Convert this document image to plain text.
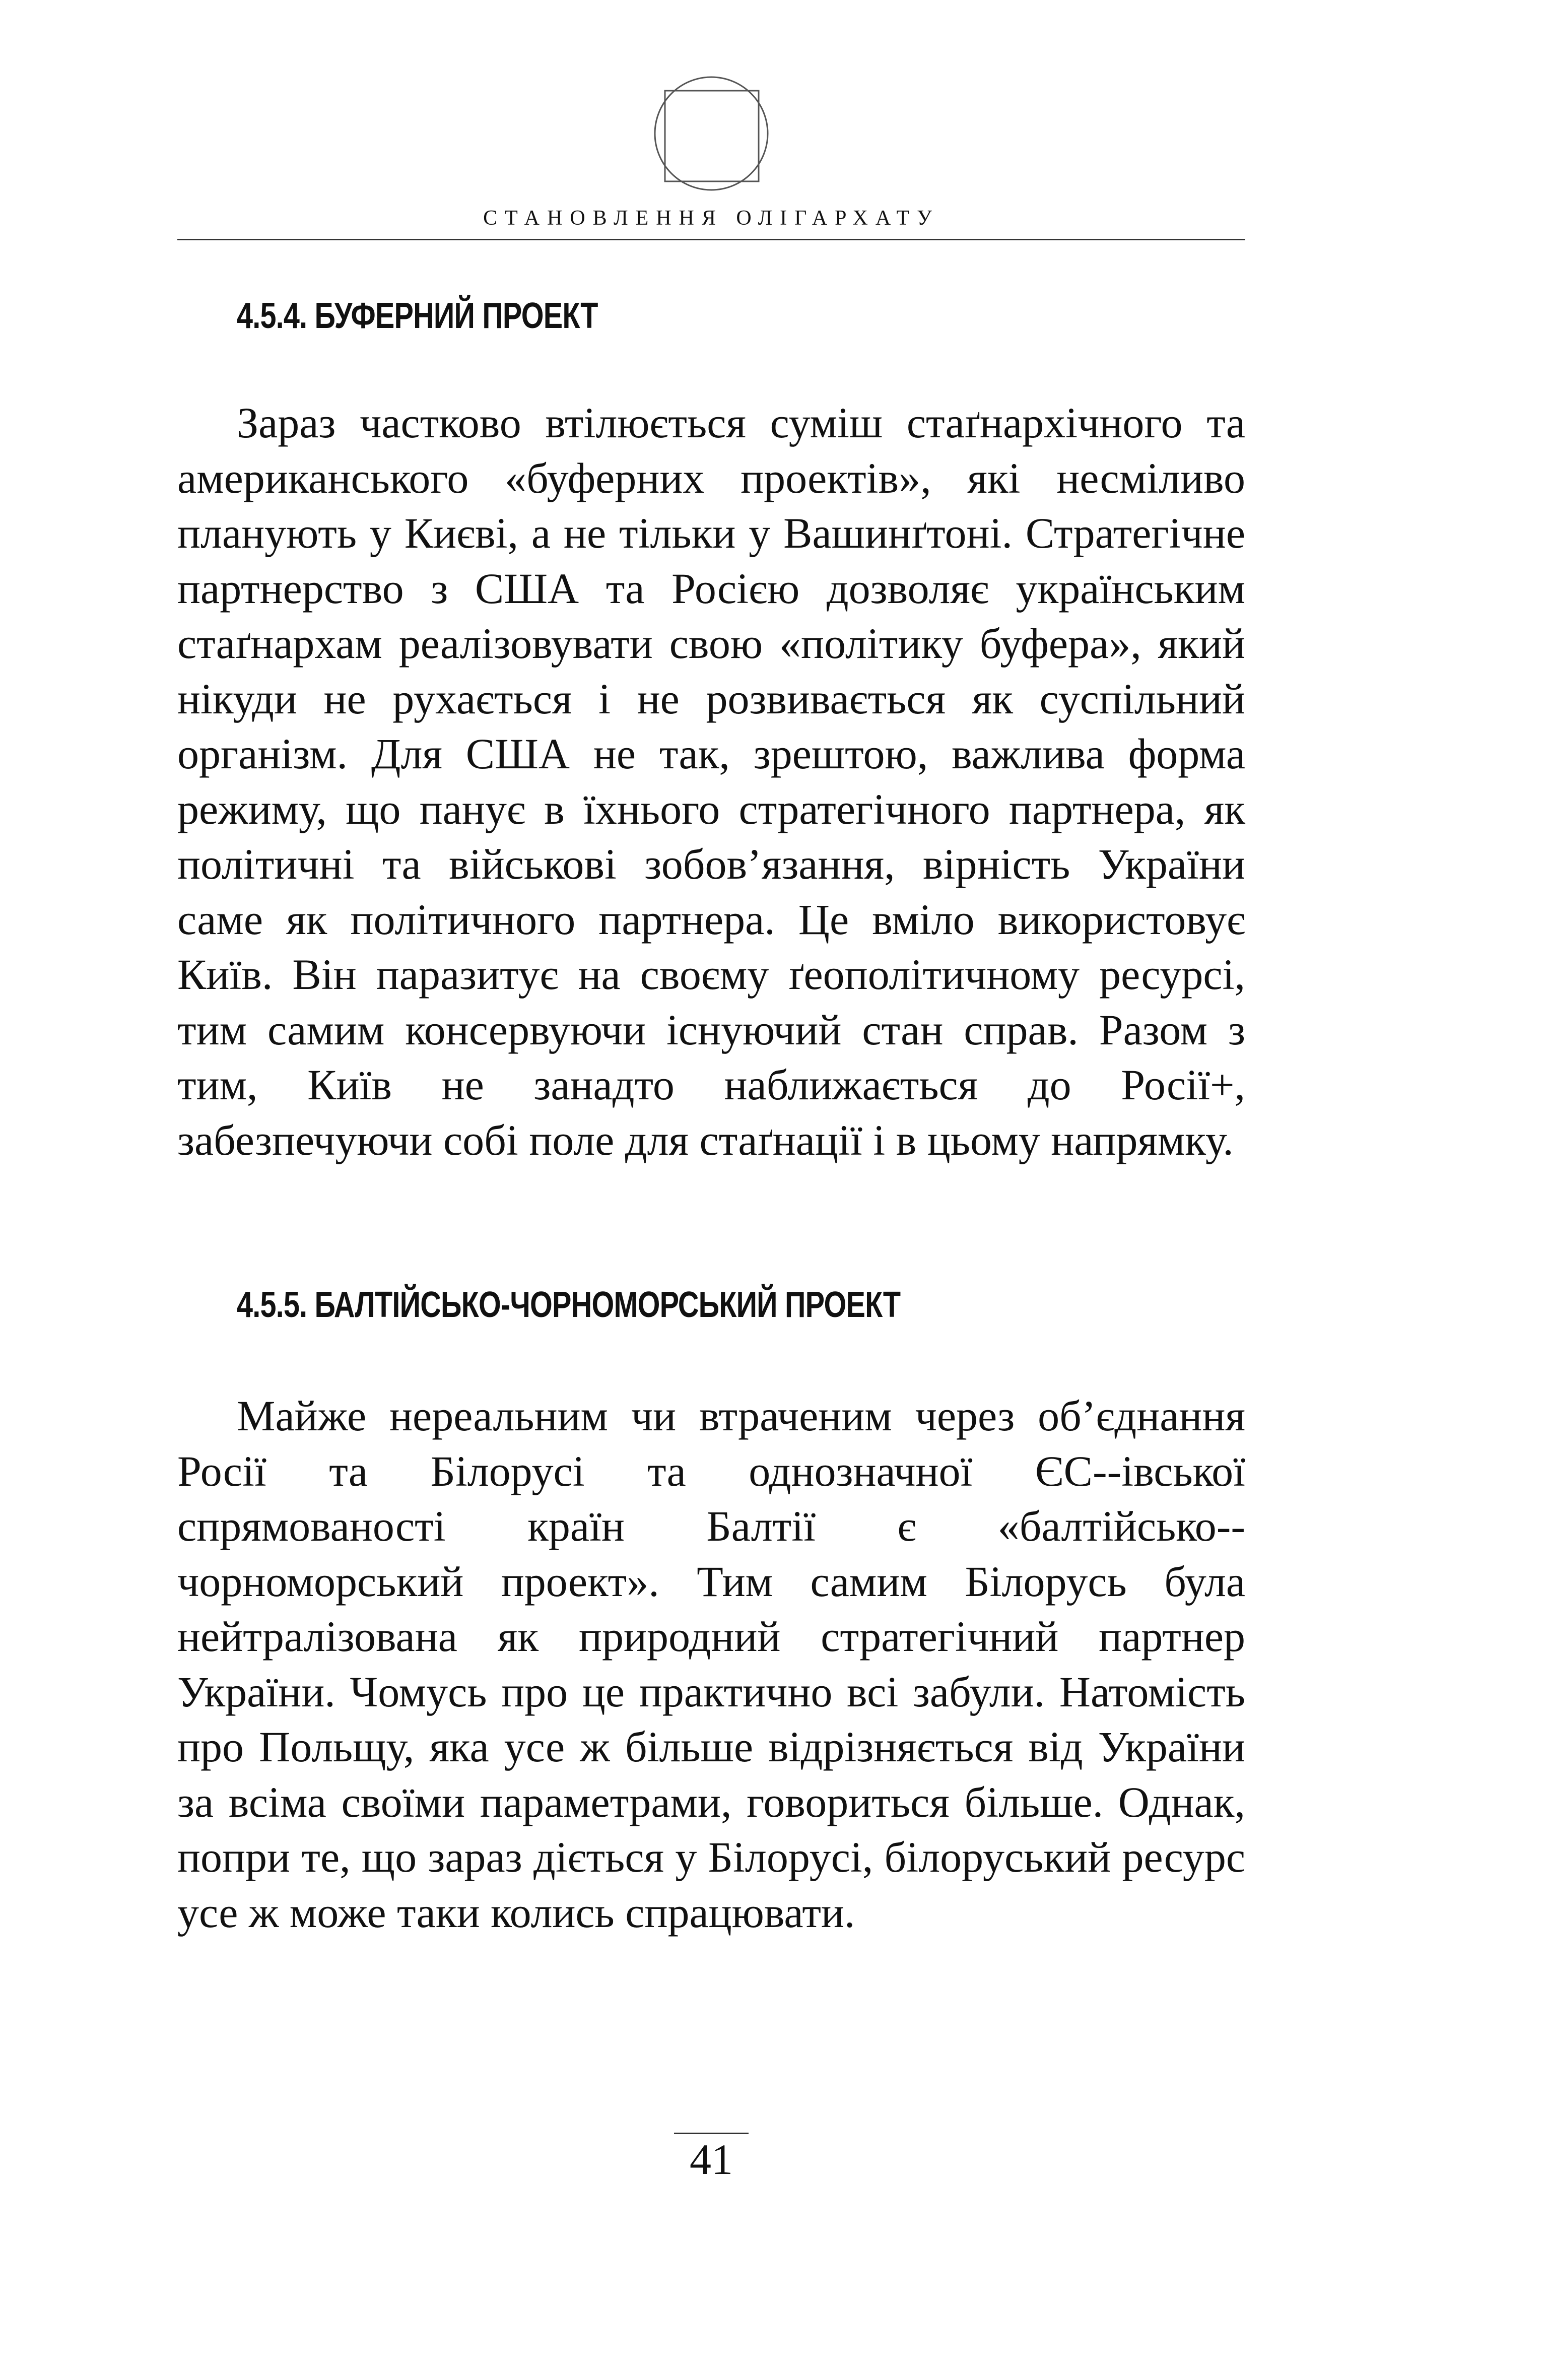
СТАНОВЛЕННЯ ОЛІГАРХАТУ
4.5.4. БУФЕРНИЙ ПРОЕКТ

Зараз частково втілюється суміш стаґнархічного та американського «буферних проектів», які несміливо планують у Києві, а не тільки у Вашинґтоні. Стратегічне партнерство з США та Росією дозволяє українським стаґнархам реалізовувати свою «політику буфера», який нікуди не рухається і не розвивається як суспільний організм. Для США не так, зрештою, важлива форма режиму, що панує в їхнього стратегічного партнера, як політичні та військові зобов’язання, вірність України саме як політичного партнера. Це вміло використовує Київ. Він паразитує на своєму ґеополітичному ресурсі, тим самим консервуючи існуючий стан справ. Разом з тим, Київ не занадто наближається до Росії+, забезпечуючи собі поле для стаґнації і в цьому напрямку.

4.5.5. БАЛТІЙСЬКО-ЧОРНОМОРСЬКИЙ ПРОЕКТ

Майже нереальним чи втраченим через об’єднання Росії та Білорусі та однозначної ЄС--івської спрямованості країн Балтії є «балтійсько--чорноморський проект». Тим самим Білорусь була нейтралізована як природний стратегічний партнер України. Чомусь про це практично всі забули. Натомість про Польщу, яка усе ж більше відрізняється від України за всіма своїми параметрами, говориться більше. Однак, попри те, що зараз діється у Білорусі, білоруський ресурс усе ж може таки колись спрацювати.

41
